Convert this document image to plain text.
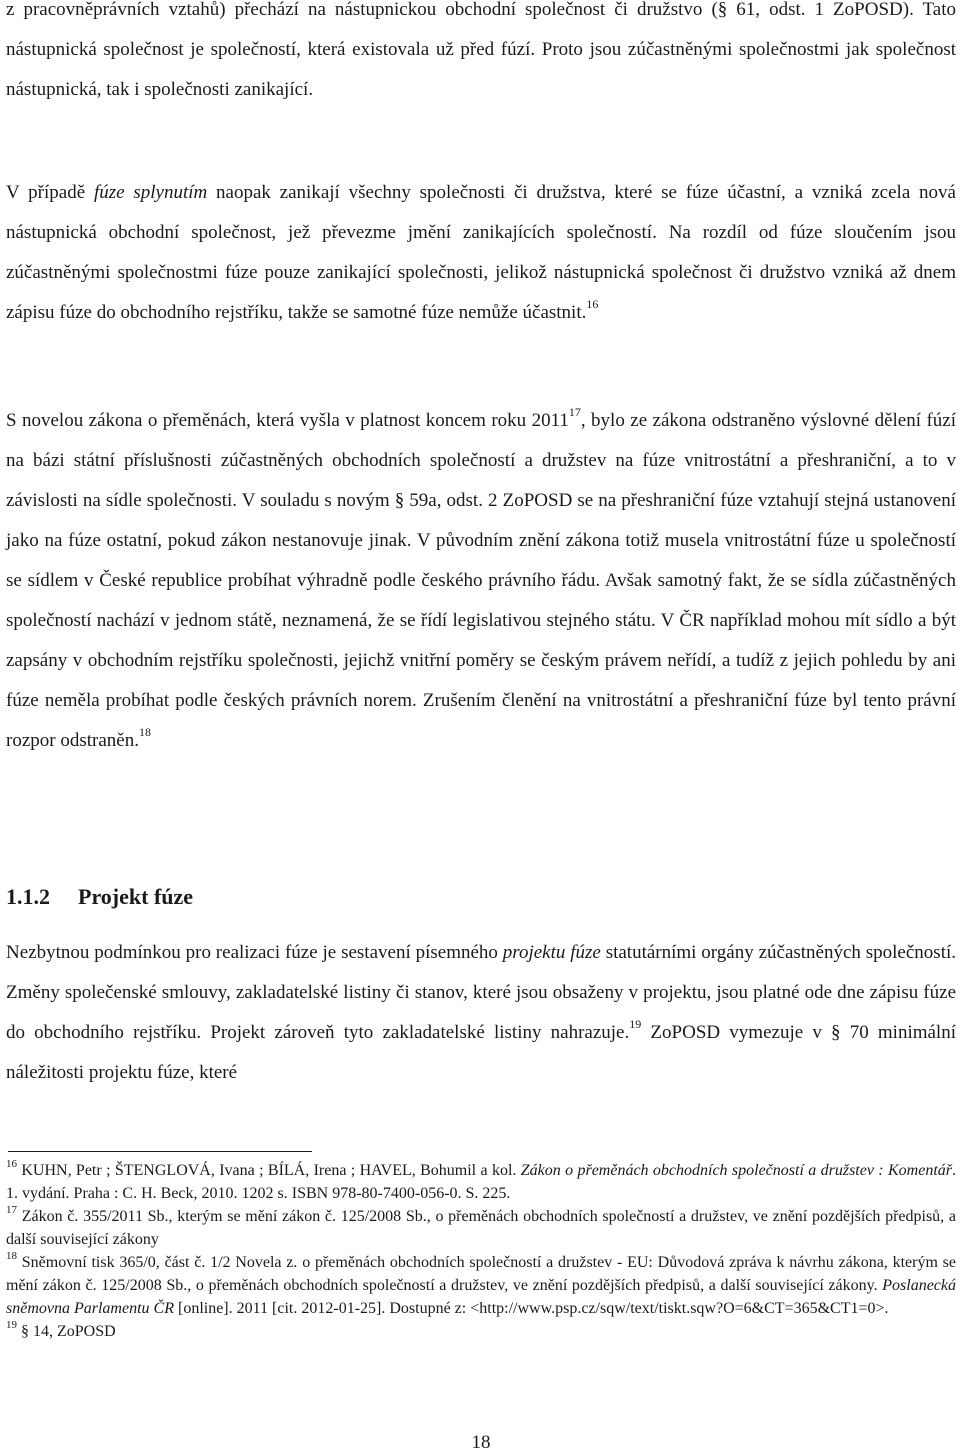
z pracovněprávních vztahů) přechází na nástupnickou obchodní společnost či družstvo (§ 61, odst. 1 ZoPOSD). Tato nástupnická společnost je společností, která existovala už před fúzí. Proto jsou zúčastněnými společnostmi jak společnost nástupnická, tak i společnosti zanikající.

V případě fúze splynutím naopak zanikají všechny společnosti či družstva, které se fúze účastní, a vzniká zcela nová nástupnická obchodní společnost, jež převezme jmění zanikajících společností. Na rozdíl od fúze sloučením jsou zúčastněnými společnostmi fúze pouze zanikající společnosti, jelikož nástupnická společnost či družstvo vzniká až dnem zápisu fúze do obchodního rejstříku, takže se samotné fúze nemůže účastnit.$^{16}$

S novelou zákona o přeměnách, která vyšla v platnost koncem roku 2011$^{17}$, bylo ze zákona odstraněno výslovné dělení fúzí na bázi státní příslušnosti zúčastněných obchodních společností a družstev na fúze vnitrostátní a přeshraniční, a to v závislosti na sídle společnosti. V souladu s novým § 59a, odst. 2 ZoPOSD se na přeshraniční fúze vztahují stejná ustanovení jako na fúze ostatní, pokud zákon nestanovuje jinak. V původním znění zákona totiž musela vnitrostátní fúze u společností se sídlem v České republice probíhat výhradně podle českého právního řádu. Avšak samotný fakt, že se sídla zúčastněných společností nachází v jednom státě, neznamená, že se řídí legislativou stejného státu. V ČR například mohou mít sídlo a být zapsány v obchodním rejstříku společnosti, jejichž vnitřní poměry se českým právem neřídí, a tudíž z jejich pohledu by ani fúze neměla probíhat podle českých právních norem. Zrušením členění na vnitrostátní a přeshraniční fúze byl tento právní rozpor odstraněn.$^{18}$

1.1.2 Projekt fúze

Nezbytnou podmínkou pro realizaci fúze je sestavení písemného projektu fúze statutárními orgány zúčastněných společností. Změny společenské smlouvy, zakladatelské listiny či stanov, které jsou obsaženy v projektu, jsou platné ode dne zápisu fúze do obchodního rejstříku. Projekt zároveň tyto zakladatelské listiny nahrazuje.$^{19}$ ZoPOSD vymezuje v § 70 minimální náležitosti projektu fúze, které

$^{16}$ KUHN, Petr ; ŠTENGLOVÁ, Ivana ; BÍLÁ, Irena ; HAVEL, Bohumil a kol. Zákon o přeměnách obchodních společností a družstev : Komentář. 1. vydání. Praha : C. H. Beck, 2010. 1202 s. ISBN 978-80-7400-056-0. S. 225.

$^{17}$ Zákon č. 355/2011 Sb., kterým se mění zákon č. 125/2008 Sb., o přeměnách obchodních společností a družstev, ve znění pozdějších předpisů, a další související zákony

$^{18}$ Sněmovní tisk 365/0, část č. 1/2 Novela z. o přeměnách obchodních společností a družstev - EU: Důvodová zpráva k návrhu zákona, kterým se mění zákon č. 125/2008 Sb., o přeměnách obchodních společností a družstev, ve znění pozdějších předpisů, a další související zákony. Poslanecká sněmovna Parlamentu ČR [online]. 2011 [cit. 2012-01-25]. Dostupné z: <http://www.psp.cz/sqw/text/tiskt.sqw?O=6&CT=365&CT1=0>.

$^{19}$ § 14, ZoPOSD

18
